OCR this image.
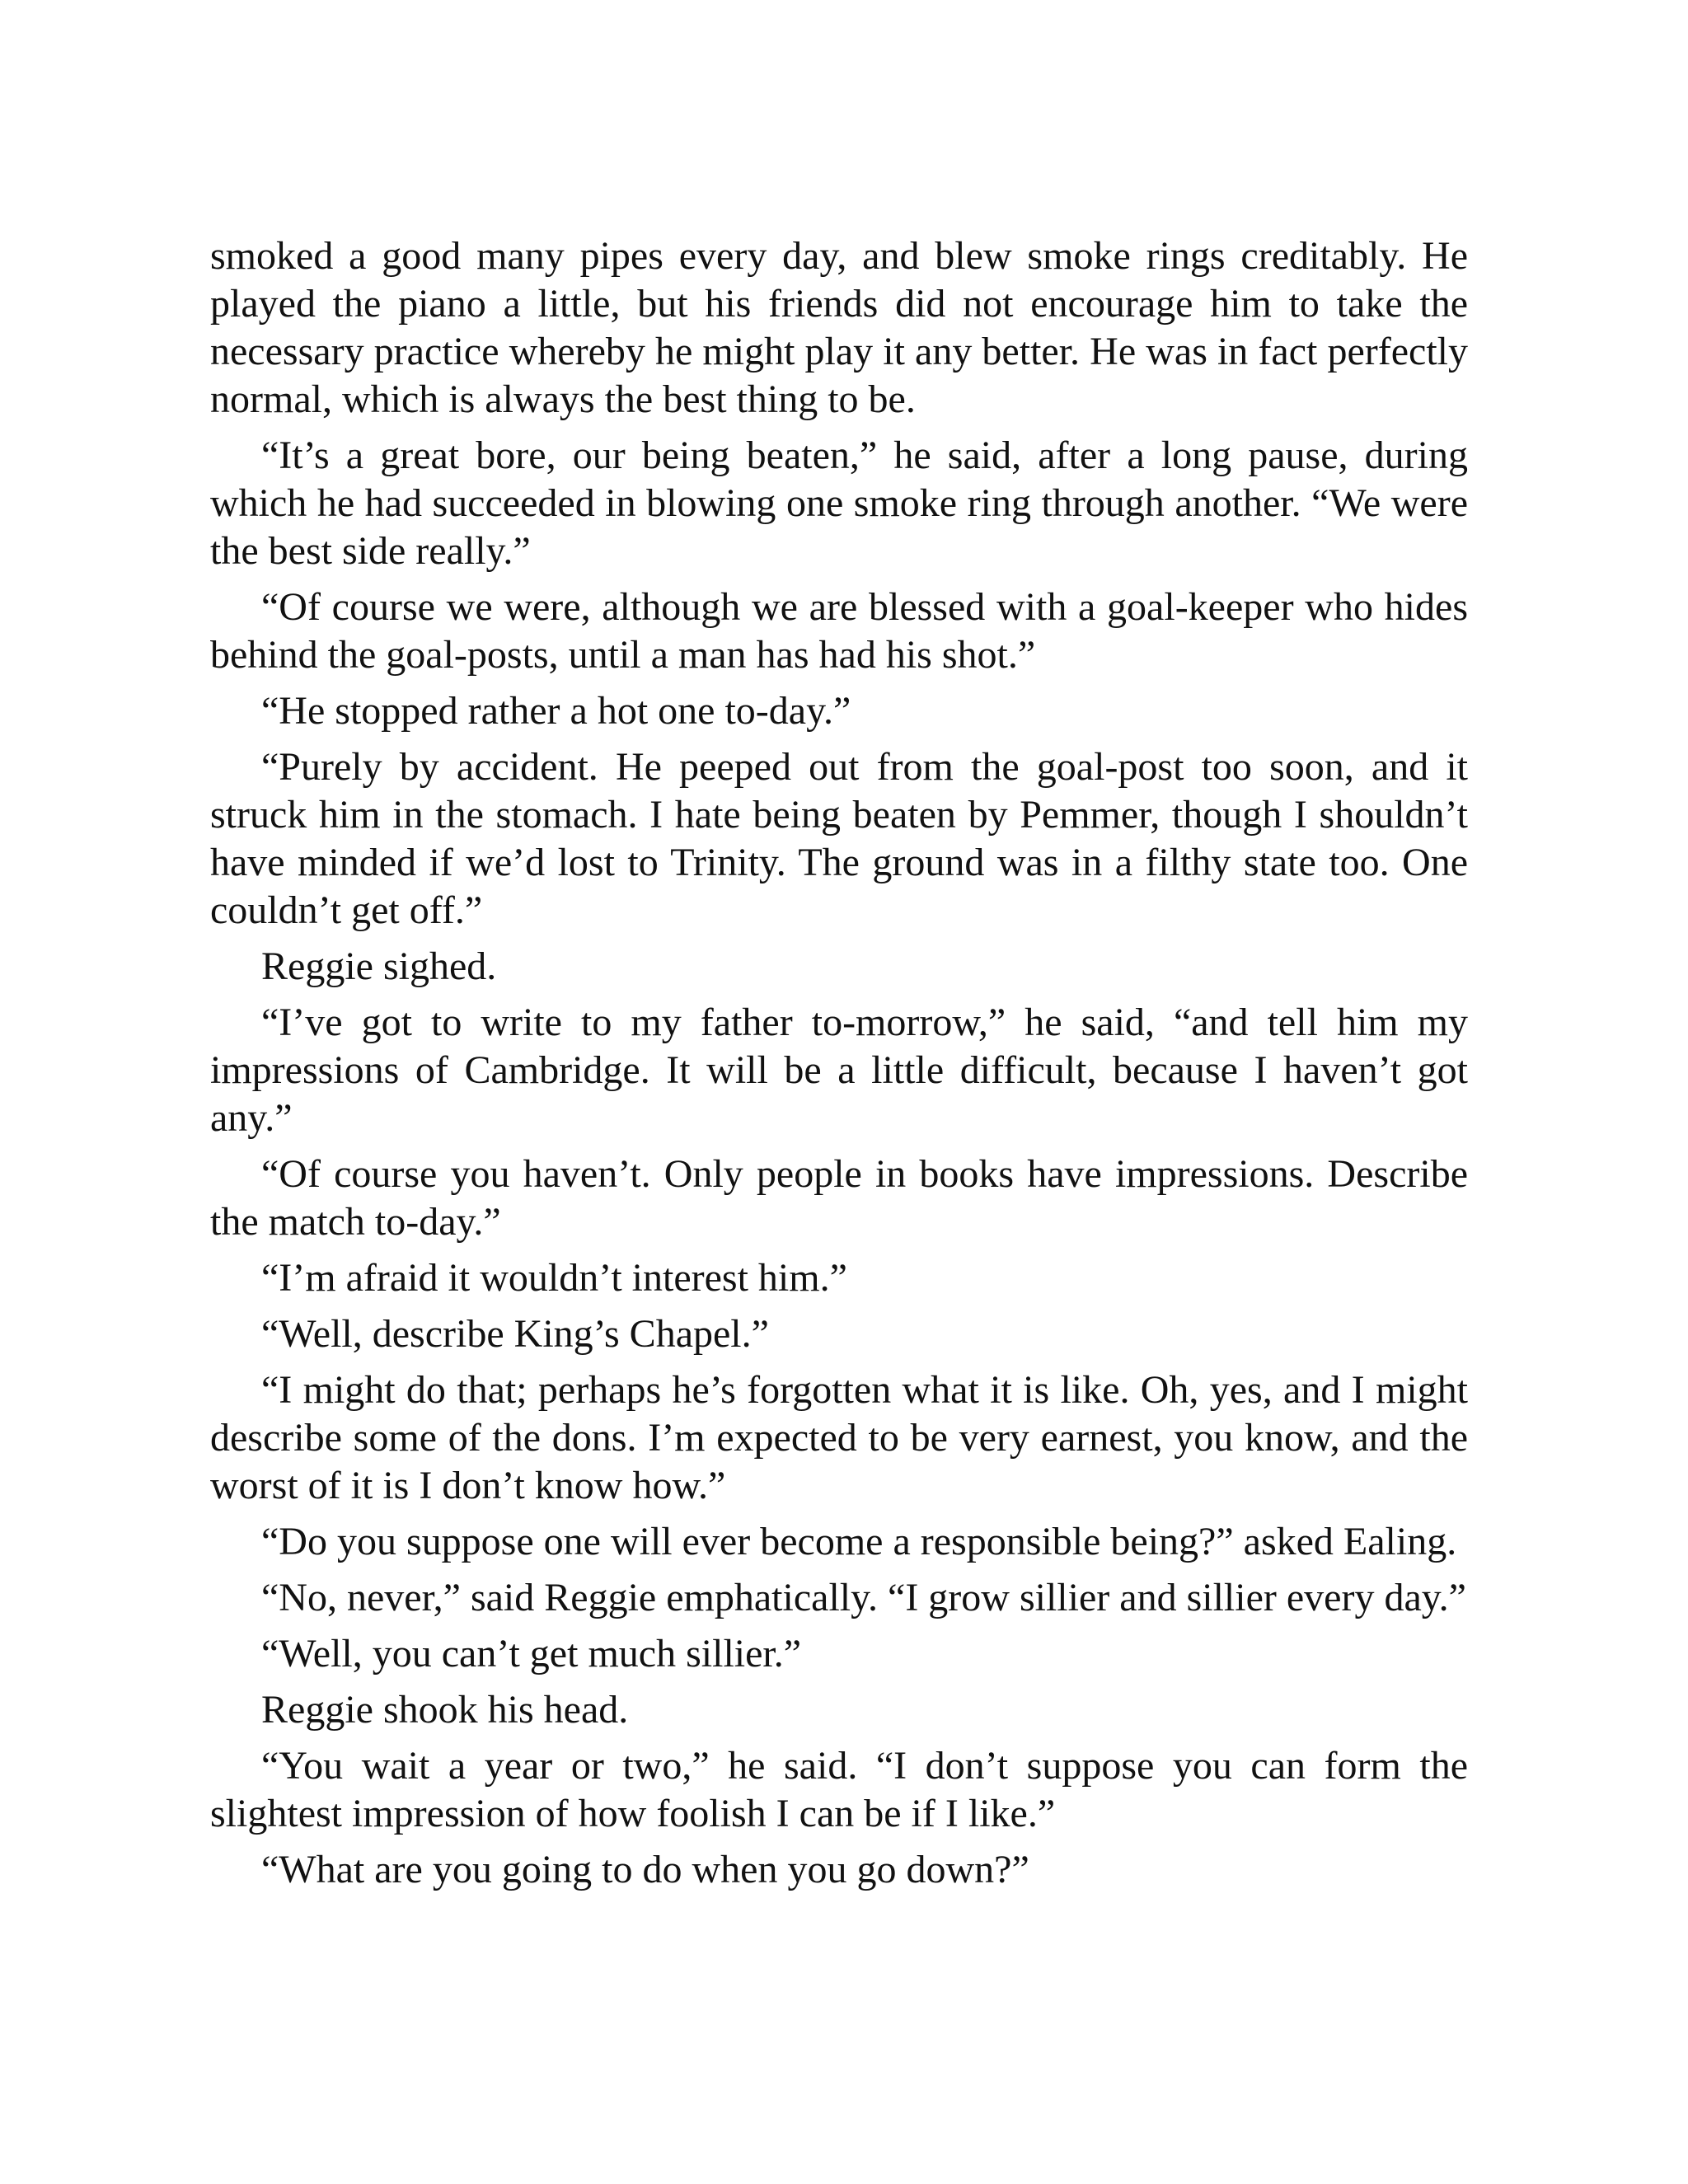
smoked a good many pipes every day, and blew smoke rings creditably. He played the piano a little, but his friends did not encourage him to take the necessary practice whereby he might play it any better. He was in fact perfectly normal, which is always the best thing to be.

“It’s a great bore, our being beaten,” he said, after a long pause, during which he had succeeded in blowing one smoke ring through another. “We were the best side really.”

“Of course we were, although we are blessed with a goal-keeper who hides behind the goal-posts, until a man has had his shot.”

“He stopped rather a hot one to-day.”

“Purely by accident. He peeped out from the goal-post too soon, and it struck him in the stomach. I hate being beaten by Pemmer, though I shouldn’t have minded if we’d lost to Trinity. The ground was in a filthy state too. One couldn’t get off.”

Reggie sighed.

“I’ve got to write to my father to-morrow,” he said, “and tell him my impressions of Cambridge. It will be a little difficult, because I haven’t got any.”

“Of course you haven’t. Only people in books have impressions. Describe the match to-day.”

“I’m afraid it wouldn’t interest him.”

“Well, describe King’s Chapel.”

“I might do that; perhaps he’s forgotten what it is like. Oh, yes, and I might describe some of the dons. I’m expected to be very earnest, you know, and the worst of it is I don’t know how.”

“Do you suppose one will ever become a responsible being?” asked Ealing.

“No, never,” said Reggie emphatically. “I grow sillier and sillier every day.”

“Well, you can’t get much sillier.”

Reggie shook his head.

“You wait a year or two,” he said. “I don’t suppose you can form the slightest impression of how foolish I can be if I like.”

“What are you going to do when you go down?”
